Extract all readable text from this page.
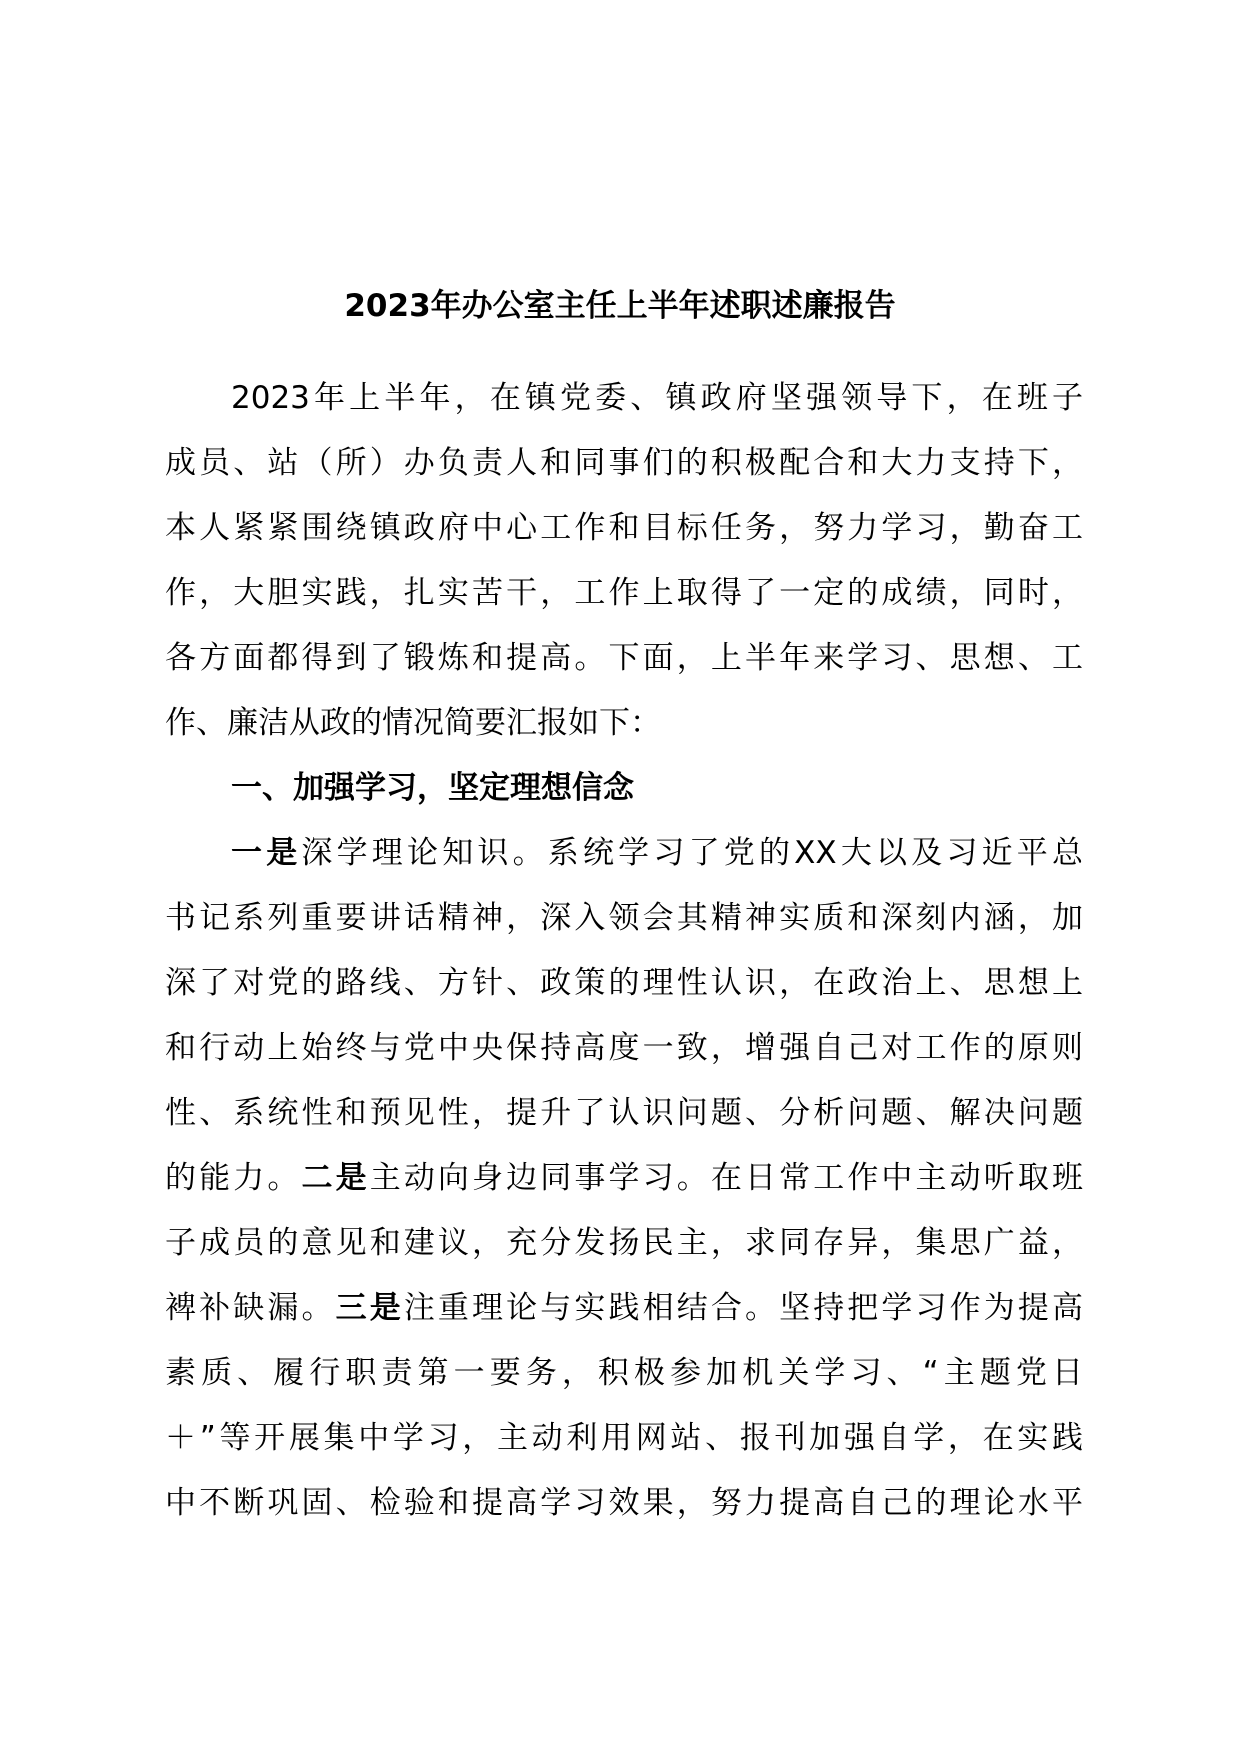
2023年办公室主任上半年述职述廉报告
2023年上半年，在镇党委、镇政府坚强领导下，在班子
成员、站（所）办负责人和同事们的积极配合和大力支持下，
本人紧紧围绕镇政府中心工作和目标任务，努力学习，勤奋工
作，大胆实践，扎实苦干，工作上取得了一定的成绩，同时，
各方面都得到了锻炼和提高。下面，上半年来学习、思想、工
作、廉洁从政的情况简要汇报如下：
一、加强学习，坚定理想信念
一是深学理论知识。系统学习了党的XX大以及习近平总
书记系列重要讲话精神，深入领会其精神实质和深刻内涵，加
深了对党的路线、方针、政策的理性认识，在政治上、思想上
和行动上始终与党中央保持高度一致，增强自己对工作的原则
性、系统性和预见性，提升了认识问题、分析问题、解决问题
的能力。二是主动向身边同事学习。在日常工作中主动听取班
子成员的意见和建议，充分发扬民主，求同存异，集思广益，
裨补缺漏。三是注重理论与实践相结合。坚持把学习作为提高
素质、履行职责第一要务，积极参加机关学习、“主题党日
＋”等开展集中学习，主动利用网站、报刊加强自学，在实践
中不断巩固、检验和提高学习效果，努力提高自己的理论水平
